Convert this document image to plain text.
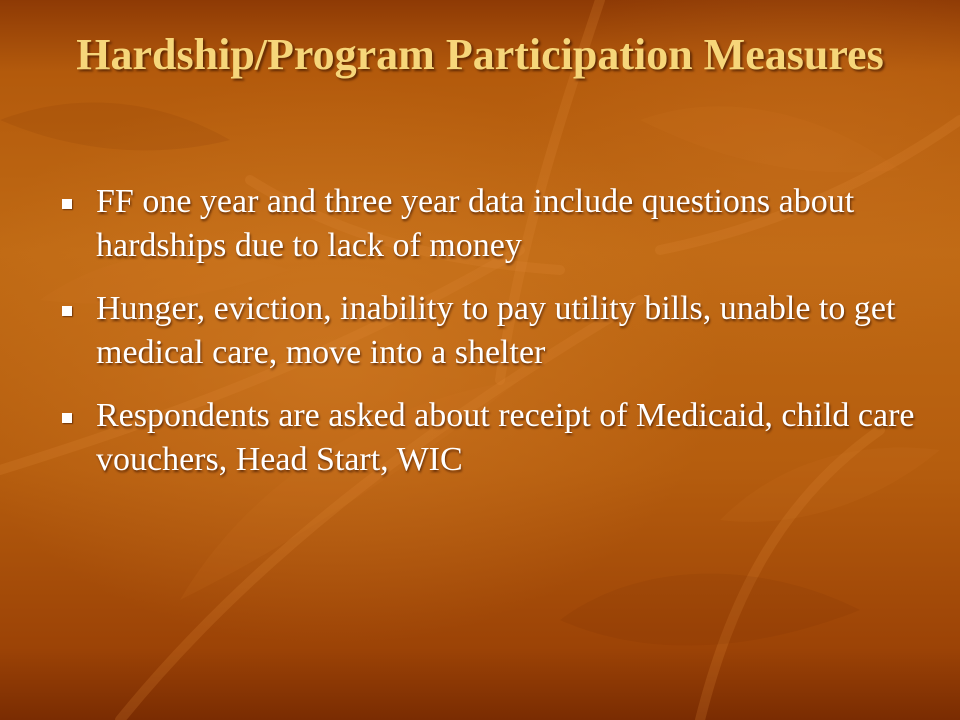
Hardship/Program Participation Measures
FF one year and three year data include questions about hardships due to lack of money
Hunger, eviction, inability to pay utility bills, unable to get medical care, move into a shelter
Respondents are asked about receipt of Medicaid, child care vouchers, Head Start, WIC
